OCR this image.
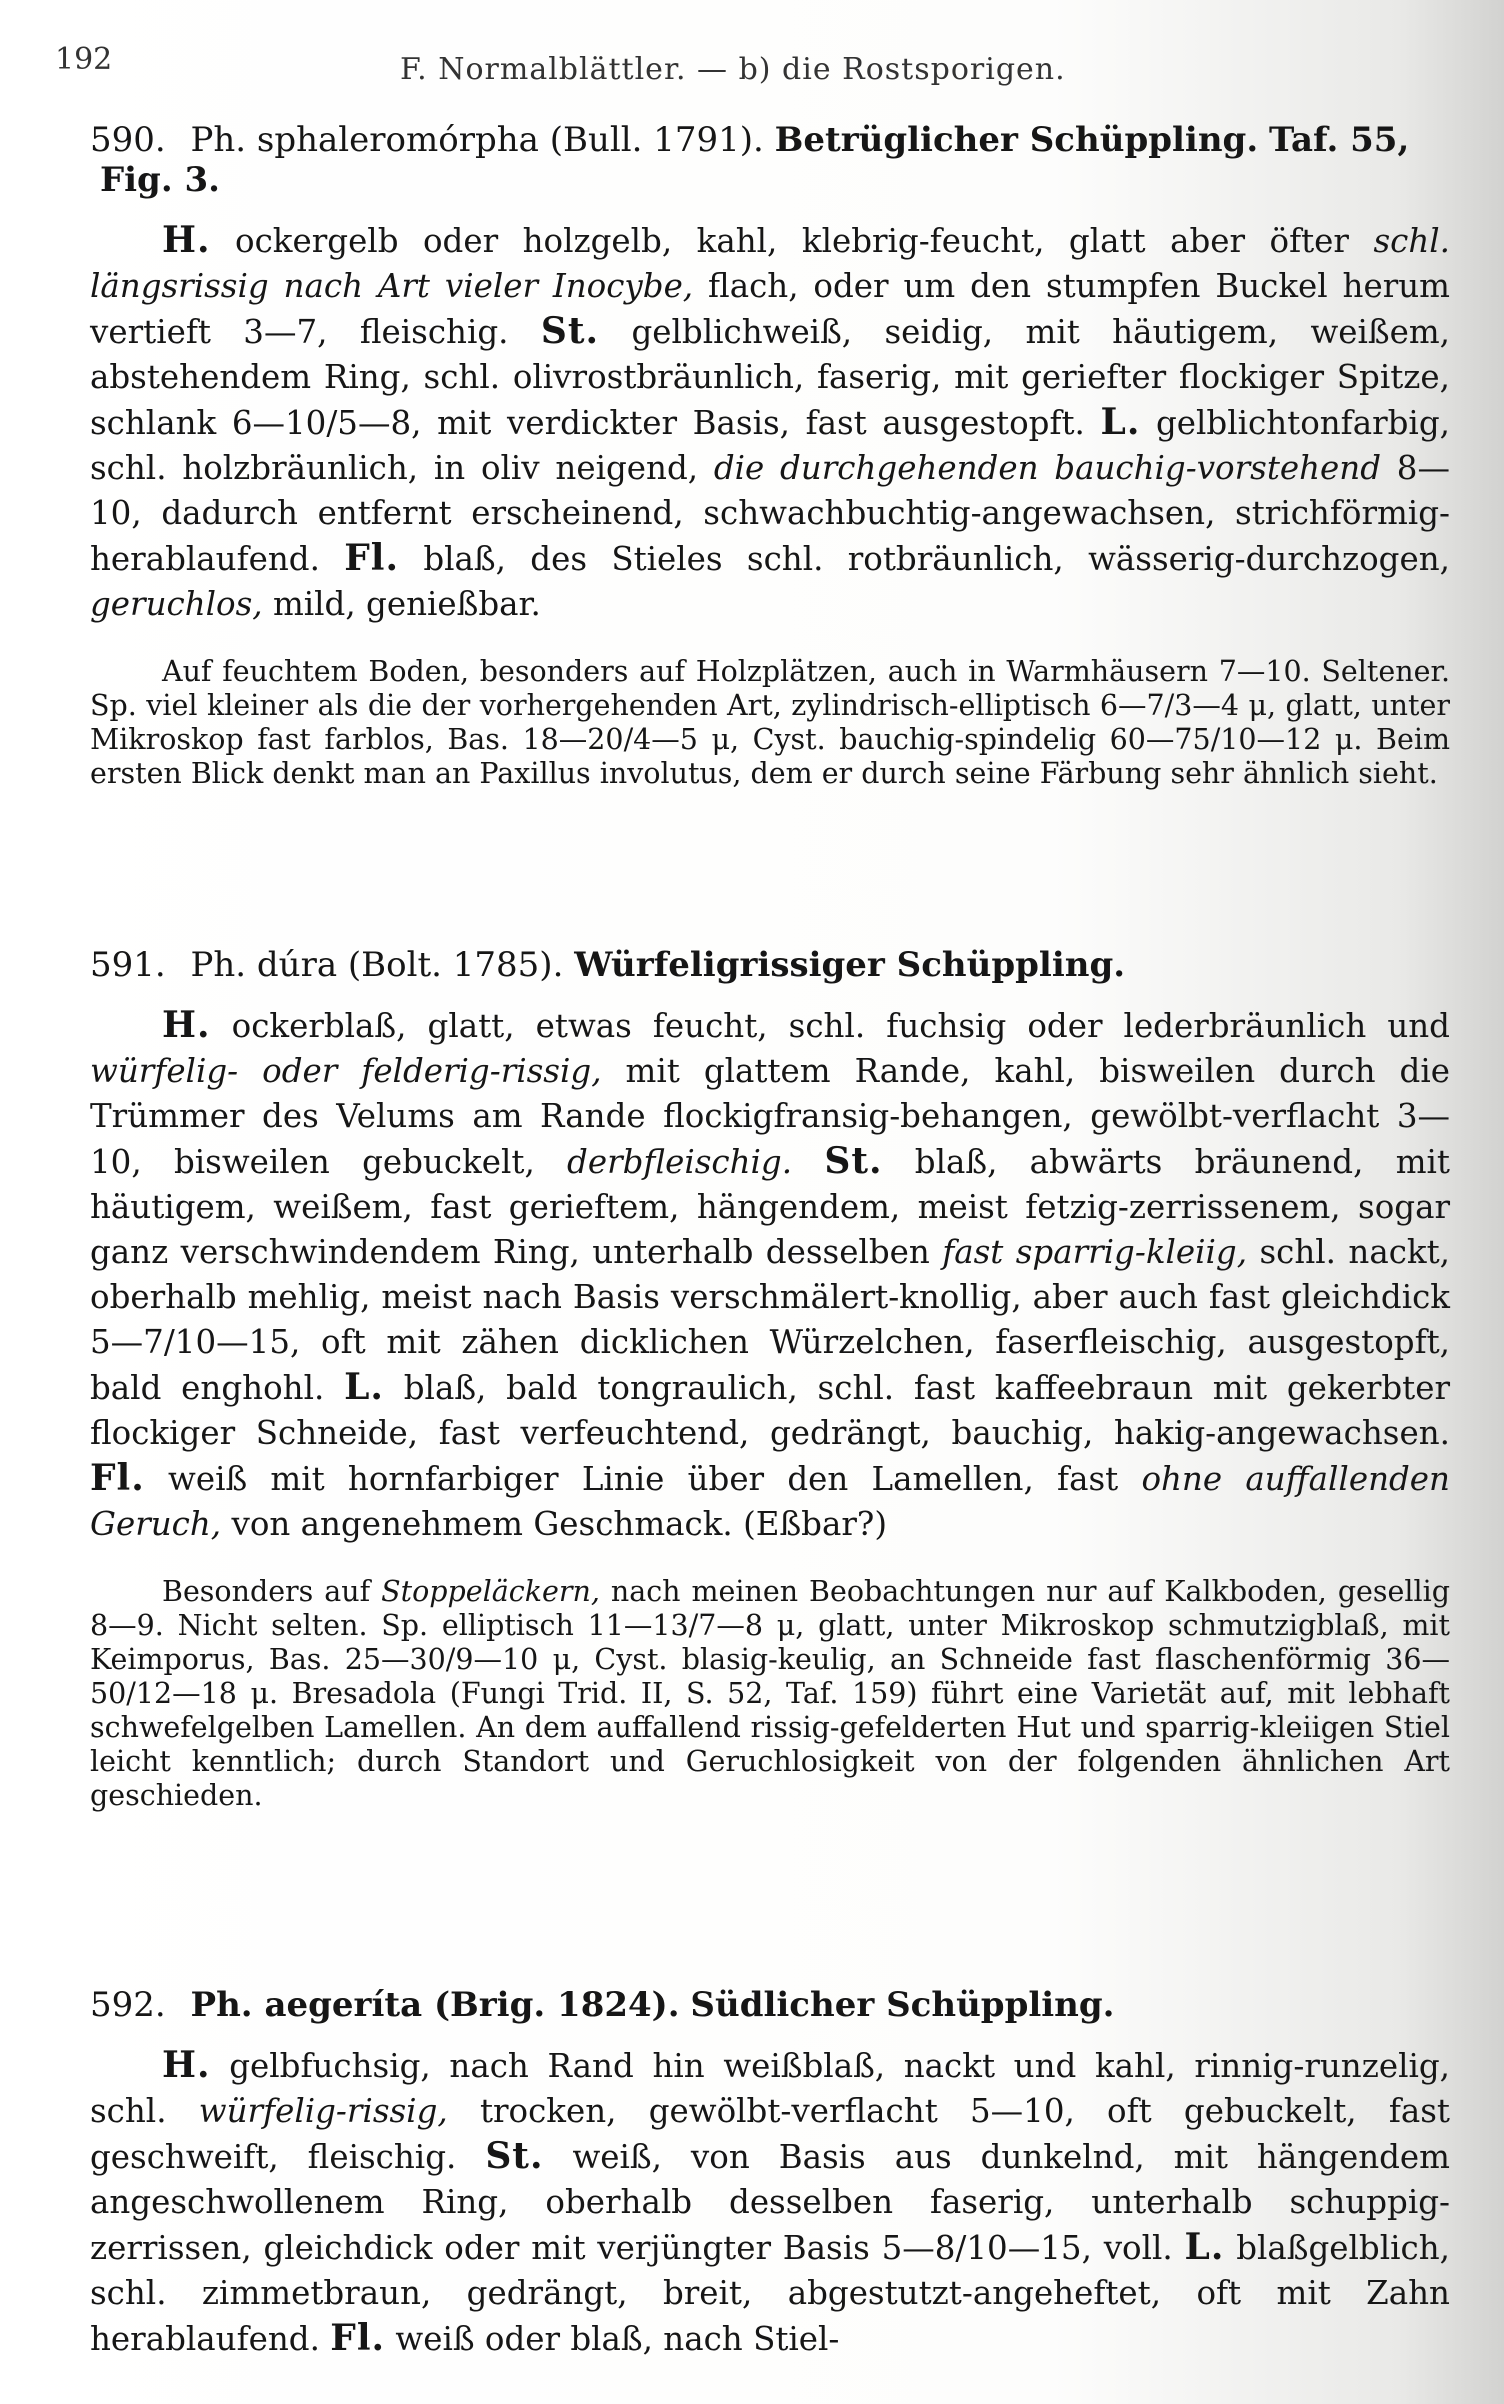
192	F. Normalblättler. — b) die Rostsporigen.

590. Ph. sphaleromórpha (Bull. 1791). Betrüglicher Schüppling. Taf. 55, Fig. 3.

H. ockergelb oder holzgelb, kahl, klebrig-feucht, glatt aber öfter schl. längsrissig nach Art vieler Inocybe, flach, oder um den stumpfen Buckel herum vertieft 3—7, fleischig. St. gelblichweiß, seidig, mit häutigem, weißem, abstehendem Ring, schl. olivrostbräunlich, faserig, mit geriefter flockiger Spitze, schlank 6—10/5—8, mit verdickter Basis, fast ausgestopft. L. gelblichtonfarbig, schl. holzbräunlich, in oliv neigend, die durchgehenden bauchig-vorstehend 8—10, dadurch entfernt erscheinend, schwachbuchtig-angewachsen, strichförmig-herablaufend. Fl. blaß, des Stieles schl. rotbräunlich, wässerig-durchzogen, geruchlos, mild, genießbar.

Auf feuchtem Boden, besonders auf Holzplätzen, auch in Warmhäusern 7—10. Seltener. Sp. viel kleiner als die der vorhergehenden Art, zylindrisch-elliptisch 6—7/3—4 μ, glatt, unter Mikroskop fast farblos, Bas. 18—20/4—5 μ, Cyst. bauchig-spindelig 60—75/10—12 μ. Beim ersten Blick denkt man an Paxillus involutus, dem er durch seine Färbung sehr ähnlich sieht.

591. Ph. dúra (Bolt. 1785). Würfeligrissiger Schüppling.

H. ockerblaß, glatt, etwas feucht, schl. fuchsig oder lederbräunlich und würfelig- oder felderig-rissig, mit glattem Rande, kahl, bisweilen durch die Trümmer des Velums am Rande flockigfransig-behangen, gewölbt-verflacht 3—10, bisweilen gebuckelt, derbfleischig. St. blaß, abwärts bräunend, mit häutigem, weißem, fast gerieftem, hängendem, meist fetzig-zerrissenem, sogar ganz verschwindendem Ring, unterhalb desselben fast sparrig-kleiig, schl. nackt, oberhalb mehlig, meist nach Basis verschmälert-knollig, aber auch fast gleichdick 5—7/10—15, oft mit zähen dicklichen Würzelchen, faserfleischig, ausgestopft, bald enghohl. L. blaß, bald tongraulich, schl. fast kaffeebraun mit gekerbter flockiger Schneide, fast verfeuchtend, gedrängt, bauchig, hakig-angewachsen. Fl. weiß mit hornfarbiger Linie über den Lamellen, fast ohne auffallenden Geruch, von angenehmem Geschmack. (Eßbar?)

Besonders auf Stoppeläckern, nach meinen Beobachtungen nur auf Kalkboden, gesellig 8—9. Nicht selten. Sp. elliptisch 11—13/7—8 μ, glatt, unter Mikroskop schmutzigblaß, mit Keimporus, Bas. 25—30/9—10 μ, Cyst. blasig-keulig, an Schneide fast flaschenförmig 36—50/12—18 μ. Bresadola (Fungi Trid. II, S. 52, Taf. 159) führt eine Varietät auf, mit lebhaft schwefelgelben Lamellen. An dem auffallend rissig-gefelderten Hut und sparrig-kleiigen Stiel leicht kenntlich; durch Standort und Geruchlosigkeit von der folgenden ähnlichen Art geschieden.

592. Ph. aegeríta (Brig. 1824). Südlicher Schüppling.

H. gelbfuchsig, nach Rand hin weißblaß, nackt und kahl, rinnig-runzelig, schl. würfelig-rissig, trocken, gewölbt-verflacht 5—10, oft gebuckelt, fast geschweift, fleischig. St. weiß, von Basis aus dunkelnd, mit hängendem angeschwollenem Ring, oberhalb desselben faserig, unterhalb schuppig-zerrissen, gleichdick oder mit verjüngter Basis 5—8/10—15, voll. L. blaßgelblich, schl. zimmetbraun, gedrängt, breit, abgestutzt-angeheftet, oft mit Zahn herablaufend. Fl. weiß oder blaß, nach Stiel-
